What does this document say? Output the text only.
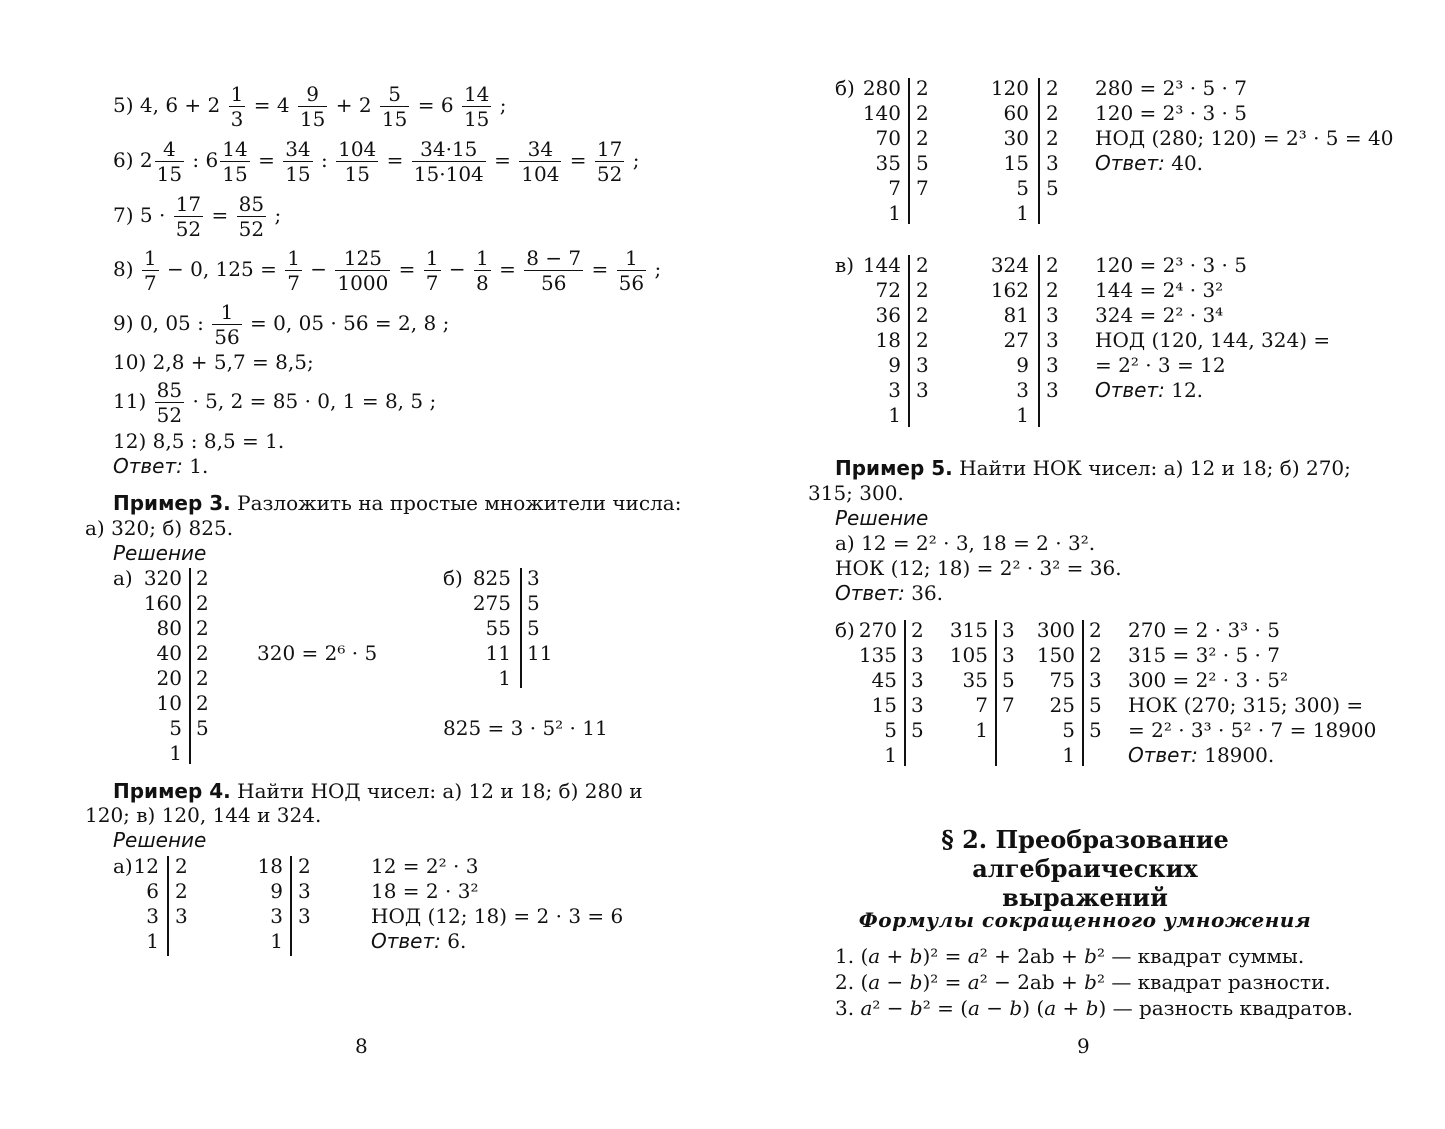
5) 4, $6 + 2 \frac{1}{3} = 4 \frac{9}{15} + 2 \frac{5}{15} = 6 \frac{14}{15}$ ;
6) $2 \frac{4}{15}$ : $6 \frac{14}{15} = \frac{34}{15}$ : $\frac{104}{15} = \frac{34\cdot 15}{15\cdot 104} = \frac{34}{104} = \frac{17}{52}$ ;
7) $5 \cdot \frac{17}{52} = \frac{85}{52}$ ;
$8) \frac{1}{7} - 0$, $125 = \frac{1}{7} - \frac{125}{1000} = \frac{1}{7} - \frac{1}{8} = \frac{8 - 7}{56} = \frac{1}{56}$ ;
9) 0, 05 : $\frac{1}{56} = 0$, 05 · 56 = 2, 8 ;
10) 2,8 + 5,7 = 8,5;
$11) \frac{85}{52} \cdot 5$, 2 = 85 · 0, 1 = 8, 5 ;
12) 8,5 : 8,5 = 1.
Ответ: 1.
Пример 3. Разложить на простые множители числа:
а) 320; б) 825.
Решение
а) 320
160
80
40
20
10
5
1
2
2
2
2
2
2
5
320 = 2⁶ · 5
б) 825
275
55
11
1
3
5
5
11
825 = 3 · 5² · 11
Пример 4. Найти НОД чисел: а) 12 и 18; б) 280 и
120; в) 120, 144 и 324.
Решение
а) 12
6
3
1
2
2
3
18
9
3
1
2
3
3
12 = 2² · 3
18 = 2 · 3²
НОД (12; 18) = 2 · 3 = 6
Ответ: 6.
8
б) 280
140
70
35
7
1
2
2
2
5
7
120
60
30
15
5
1
2
2
2
3
5
280 = 2³ · 5 · 7
120 = 2³ · 3 · 5
НОД (280; 120) = 2³ · 5 = 40
Ответ: 40.
в) 144
72
36
18
9
3
1
2
2
2
2
3
3
324
162
81
27
9
3
1
2
2
3
3
3
3
120 = 2³ · 3 · 5
144 = 2⁴ · 3²
324 = 2² · 3⁴
НОД (120, 144, 324) =
= 2² · 3 = 12
Ответ: 12.
Пример 5. Найти НОК чисел: а) 12 и 18; б) 270;
315; 300.
Решение
а) 12 = 2² · 3, 18 = 2 · 3².
НОК (12; 18) = 2² · 3² = 36.
Ответ: 36.
б) 270
135
45
15
5
1
2
3
3
3
5
315
105
35
7
1
3
3
5
7
300
150
75
25
5
1
2
2
3
5
5
270 = 2 · 3³ · 5
315 = 3² · 5 · 7
300 = 2² · 3 · 5²
НОК (270; 315; 300) =
= 2² · 3³ · 5² · 7 = 18900
Ответ: 18900.
§ 2. Преобразование алгебраических
выражений
Формулы сокращенного умножения
1. (a + b)² = a² + 2ab + b² — квадрат суммы.
2. (a − b)² = a² − 2ab + b² — квадрат разности.
3. a² − b² = (a − b) (a + b) — разность квадратов.
9
